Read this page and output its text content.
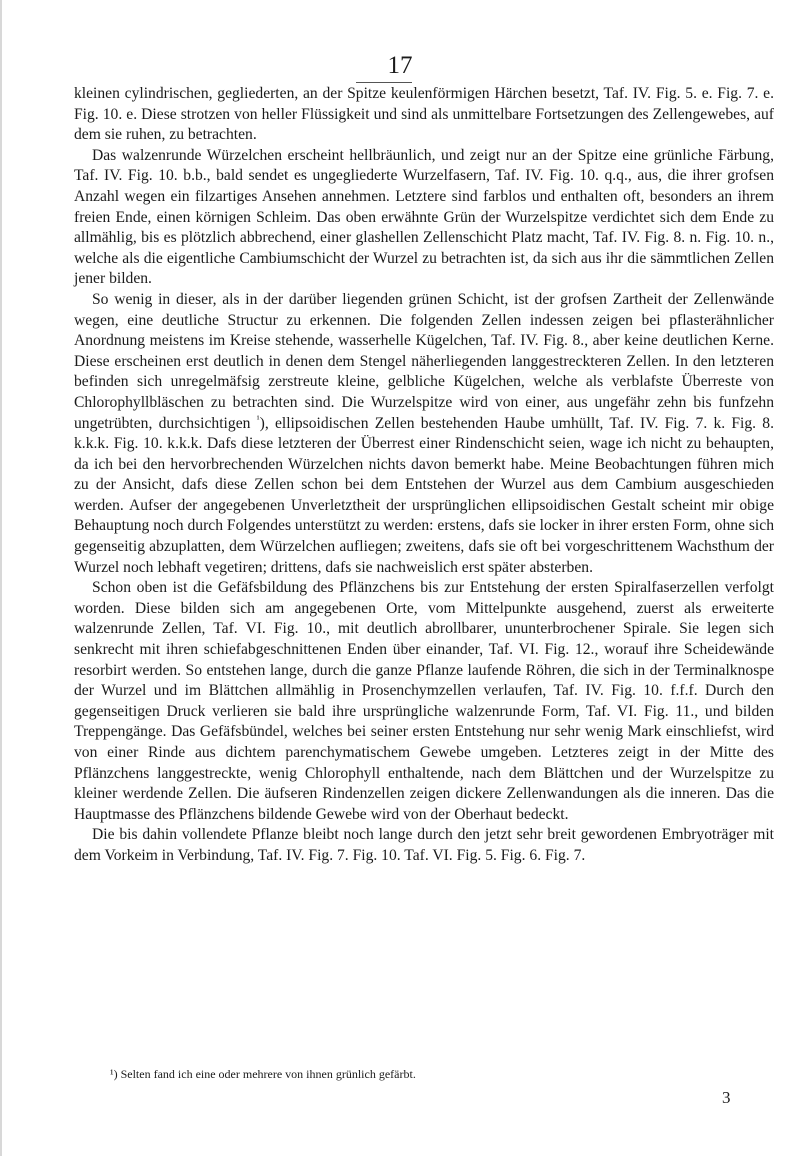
17

kleinen cylindrischen, gegliederten, an der Spitze keulenförmigen Härchen besetzt, Taf. IV. Fig. 5. e. Fig. 7. e. Fig. 10. e. Diese strotzen von heller Flüssigkeit und sind als unmittelbare Fortsetzungen des Zellengewebes, auf dem sie ruhen, zu betrachten.

Das walzenrunde Würzelchen erscheint hellbräunlich, und zeigt nur an der Spitze eine grünliche Färbung, Taf. IV. Fig. 10. b.b., bald sendet es ungegliederte Wurzelfasern, Taf. IV. Fig. 10. q.q., aus, die ihrer grofsen Anzahl wegen ein filzartiges Ansehen annehmen. Letztere sind farblos und enthalten oft, besonders an ihrem freien Ende, einen körnigen Schleim. Das oben erwähnte Grün der Wurzelspitze verdichtet sich dem Ende zu allmählig, bis es plötzlich abbrechend, einer glashellen Zellenschicht Platz macht, Taf. IV. Fig. 8. n. Fig. 10. n., welche als die eigentliche Cambiumschicht der Wurzel zu betrachten ist, da sich aus ihr die sämmtlichen Zellen jener bilden.

So wenig in dieser, als in der darüber liegenden grünen Schicht, ist der grofsen Zartheit der Zellenwände wegen, eine deutliche Structur zu erkennen. Die folgenden Zellen indessen zeigen bei pflasterähnlicher Anordnung meistens im Kreise stehende, wasserhelle Kügelchen, Taf. IV. Fig. 8., aber keine deutlichen Kerne. Diese erscheinen erst deutlich in denen dem Stengel näherliegenden langgestreckteren Zellen. In den letzteren befinden sich unregelmäfsig zerstreute kleine, gelbliche Kügelchen, welche als verblafste Überreste von Chlorophyllbläschen zu betrachten sind. Die Wurzelspitze wird von einer, aus ungefähr zehn bis funfzehn ungetrübten, durchsichtigen $^{^1}$), ellipsoidischen Zellen bestehenden Haube umhüllt, Taf. IV. Fig. 7. k. Fig. 8. k.k.k. Fig. 10. k.k.k. Dafs diese letzteren der Überrest einer Rindenschicht seien, wage ich nicht zu behaupten, da ich bei den hervorbrechenden Würzelchen nichts davon bemerkt habe. Meine Beobachtungen führen mich zu der Ansicht, dafs diese Zellen schon bei dem Entstehen der Wurzel aus dem Cambium ausgeschieden werden. Aufser der angegebenen Unverletztheit der ursprünglichen ellipsoidischen Gestalt scheint mir obige Behauptung noch durch Folgendes unterstützt zu werden: erstens, dafs sie locker in ihrer ersten Form, ohne sich gegenseitig abzuplatten, dem Würzelchen aufliegen; zweitens, dafs sie oft bei vorgeschrittenem Wachsthum der Wurzel noch lebhaft vegetiren; drittens, dafs sie nachweislich erst später absterben.

Schon oben ist die Gefäfsbildung des Pflänzchens bis zur Entstehung der ersten Spiralfaserzellen verfolgt worden. Diese bilden sich am angegebenen Orte, vom Mittelpunkte ausgehend, zuerst als erweiterte walzenrunde Zellen, Taf. VI. Fig. 10., mit deutlich abrollbarer, ununterbrochener Spirale. Sie legen sich senkrecht mit ihren schiefabgeschnittenen Enden über einander, Taf. VI. Fig. 12., worauf ihre Scheidewände resorbirt werden. So entstehen lange, durch die ganze Pflanze laufende Röhren, die sich in der Terminalknospe der Wurzel und im Blättchen allmählig in Prosenchymzellen verlaufen, Taf. IV. Fig. 10. f.f.f. Durch den gegenseitigen Druck verlieren sie bald ihre ursprüngliche walzenrunde Form, Taf. VI. Fig. 11., und bilden Treppengänge. Das Gefäfsbündel, welches bei seiner ersten Entstehung nur sehr wenig Mark einschliefst, wird von einer Rinde aus dichtem parenchymatischem Gewebe umgeben. Letzteres zeigt in der Mitte des Pflänzchens langgestreckte, wenig Chlorophyll enthaltende, nach dem Blättchen und der Wurzelspitze zu kleiner werdende Zellen. Die äufseren Rindenzellen zeigen dickere Zellenwandungen als die inneren. Das die Hauptmasse des Pflänzchens bildende Gewebe wird von der Oberhaut bedeckt.

Die bis dahin vollendete Pflanze bleibt noch lange durch den jetzt sehr breit gewordenen Embryoträger mit dem Vorkeim in Verbindung, Taf. IV. Fig. 7. Fig. 10. Taf. VI. Fig. 5. Fig. 6. Fig. 7.

¹) Selten fand ich eine oder mehrere von ihnen grünlich gefärbt.
3
